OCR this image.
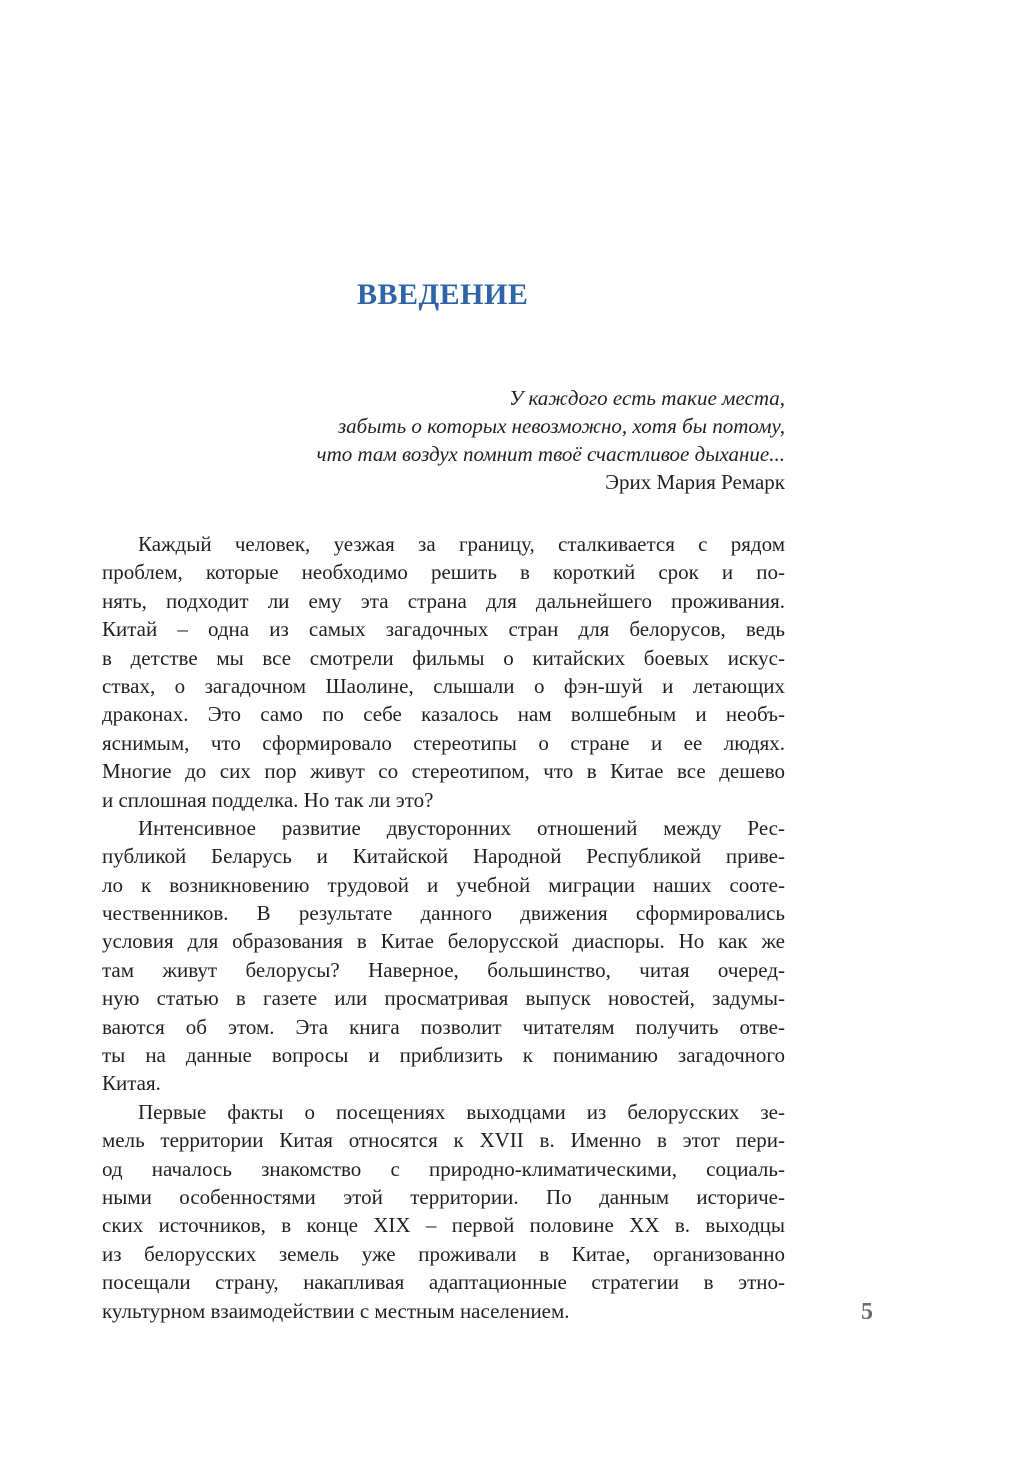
ВВЕДЕНИЕ
У каждого есть такие места,
забыть о которых невозможно, хотя бы потому,
что там воздух помнит твоё счастливое дыхание...
Эрих Мария Ремарк
Каждый человек, уезжая за границу, сталкивается с рядом
проблем, которые необходимо решить в короткий срок и по-
нять, подходит ли ему эта страна для дальнейшего проживания.
Китай – одна из самых загадочных стран для белорусов, ведь
в детстве мы все смотрели фильмы о китайских боевых искус-
ствах, о загадочном Шаолине, слышали о фэн-шуй и летающих
драконах. Это само по себе казалось нам волшебным и необъ-
яснимым, что сформировало стереотипы о стране и ее людях.
Многие до сих пор живут со стереотипом, что в Китае все дешево
и сплошная подделка. Но так ли это?
Интенсивное развитие двусторонних отношений между Рес-
публикой Беларусь и Китайской Народной Республикой приве-
ло к возникновению трудовой и учебной миграции наших соотe-
чественников. В результате данного движения сформировались
условия для образования в Китае белорусской диаспоры. Но как же
там живут белорусы? Наверное, большинство, читая очеред-
ную статью в газете или просматривая выпуск новостей, задумы-
ваются об этом. Эта книга позволит читателям получить отве-
ты на данные вопросы и приблизить к пониманию загадочного
Китая.
Первые факты о посещениях выходцами из белорусских зе-
мель территории Китая относятся к XVII в. Именно в этот пери-
од началось знакомство с природно-климатическими, социаль-
ными особенностями этой территории. По данным историче-
ских источников, в конце XIX – первой половине XX в. выходцы
из белорусских земель уже проживали в Китае, организованно
посещали страну, накапливая адаптационные стратегии в этно-
культурном взаимодействии с местным населением.	5
